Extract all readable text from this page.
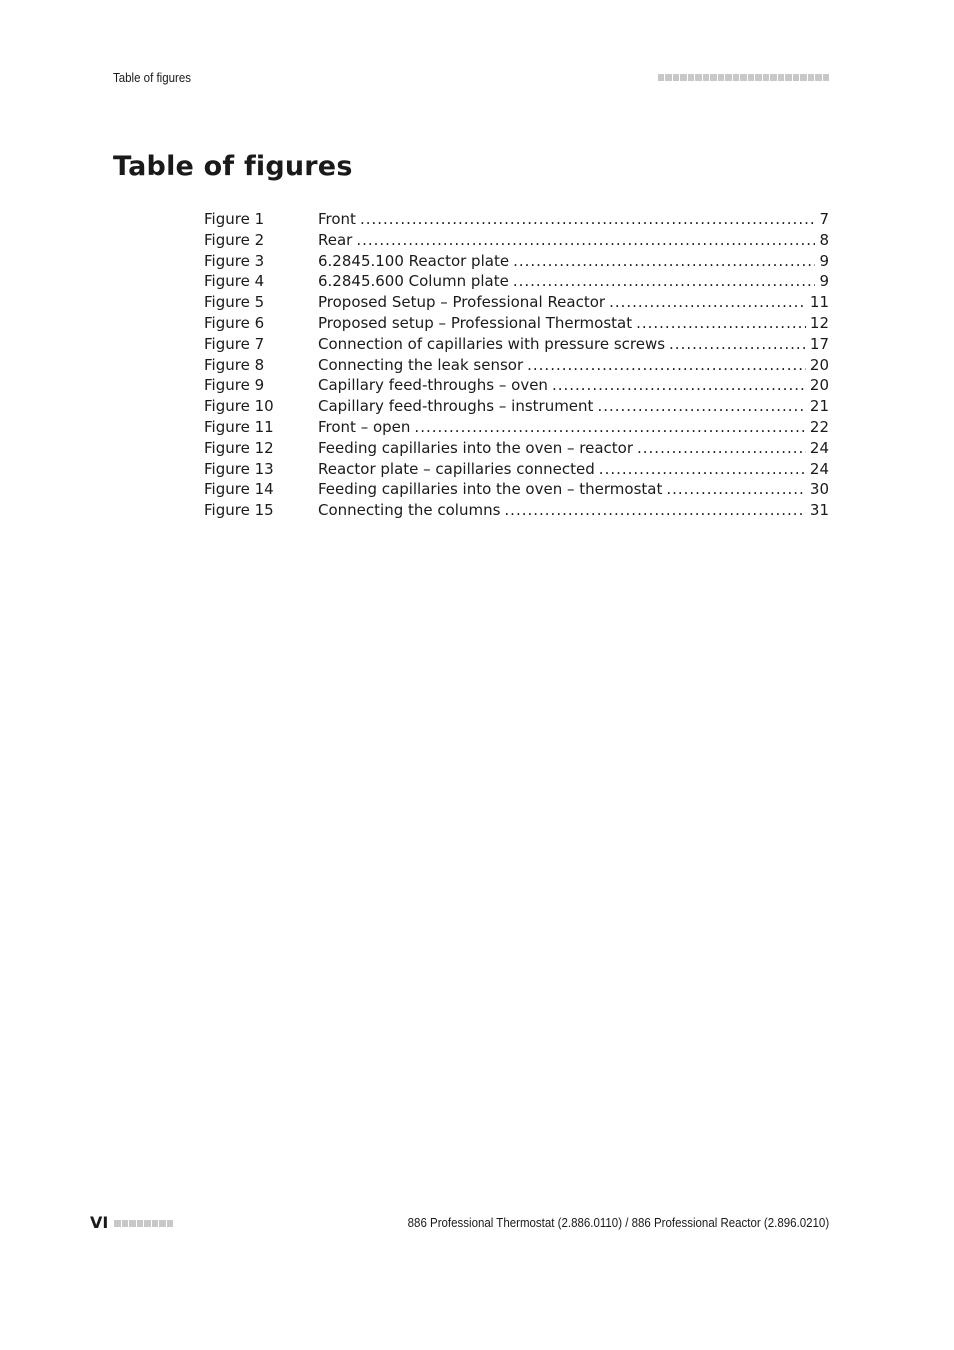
Table of figures
Table of figures
Figure 1	Front .....	7
Figure 2	Rear .....	8
Figure 3	6.2845.100 Reactor plate .....	9
Figure 4	6.2845.600 Column plate .....	9
Figure 5	Proposed Setup – Professional Reactor .....	11
Figure 6	Proposed setup – Professional Thermostat .....	12
Figure 7	Connection of capillaries with pressure screws .....	17
Figure 8	Connecting the leak sensor .....	20
Figure 9	Capillary feed-throughs – oven .....	20
Figure 10	Capillary feed-throughs – instrument .....	21
Figure 11	Front – open .....	22
Figure 12	Feeding capillaries into the oven – reactor .....	24
Figure 13	Reactor plate – capillaries connected .....	24
Figure 14	Feeding capillaries into the oven – thermostat .....	30
Figure 15	Connecting the columns .....	31
VI	886 Professional Thermostat (2.886.0110) / 886 Professional Reactor (2.896.0210)
